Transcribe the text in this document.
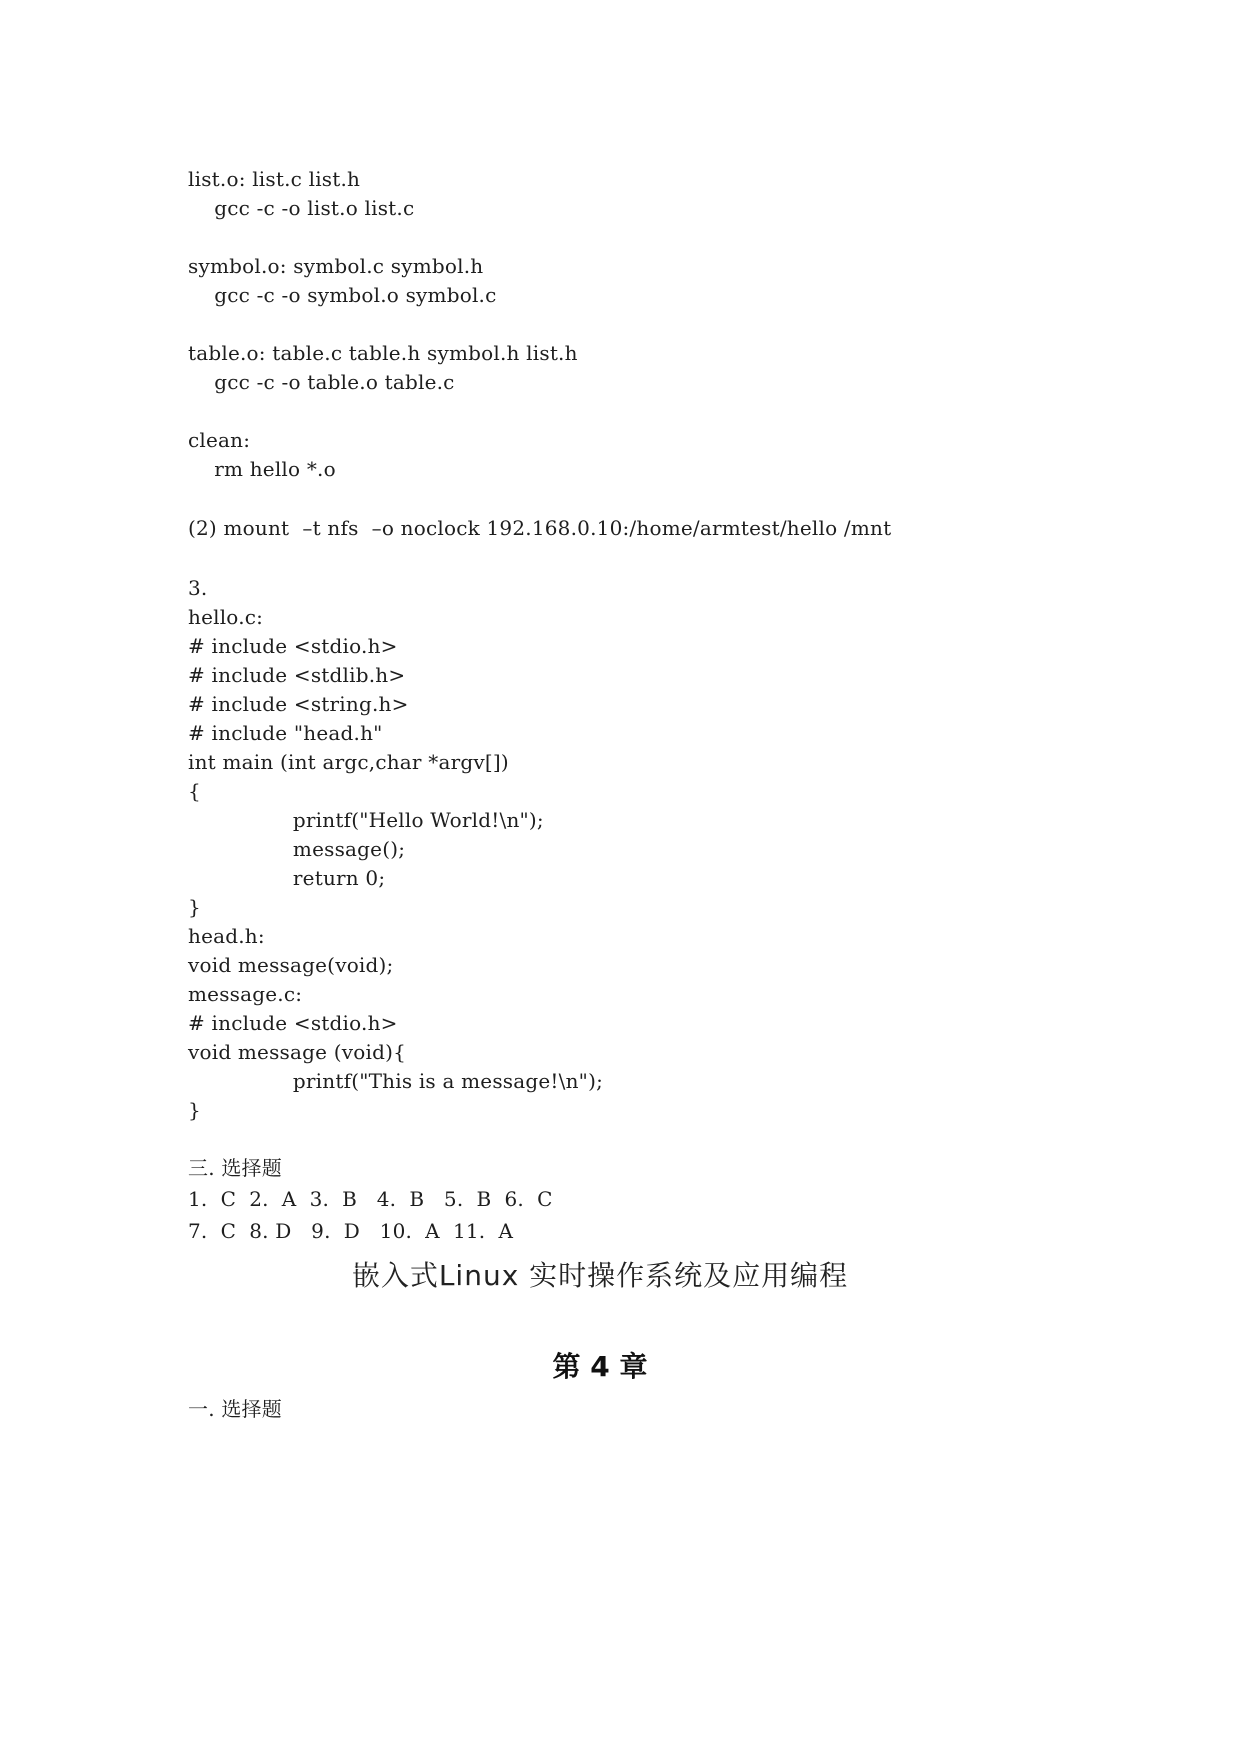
list.o: list.c list.h
gcc -c -o list.o list.c
symbol.o: symbol.c symbol.h
gcc -c -o symbol.o symbol.c
table.o: table.c table.h symbol.h list.h
gcc -c -o table.o table.c
clean:
rm hello *.o
(2) mount  –t nfs  –o noclock 192.168.0.10:/home/armtest/hello /mnt
3.
hello.c:
# include <stdio.h>
# include <stdlib.h>
# include <string.h>
# include "head.h"
int main (int argc,char *argv[])
{
printf("Hello World!\n");
message();
return 0;
}
head.h:
void message(void);
message.c:
# include <stdio.h>
void message (void){
printf("This is a message!\n");
}
三. 选择题
1.  C  2.  A  3.  B   4.  B   5.  B  6.  C
7.  C  8. D   9.  D   10.  A  11.  A
嵌入式Linux 实时操作系统及应用编程
第 4 章
一. 选择题
